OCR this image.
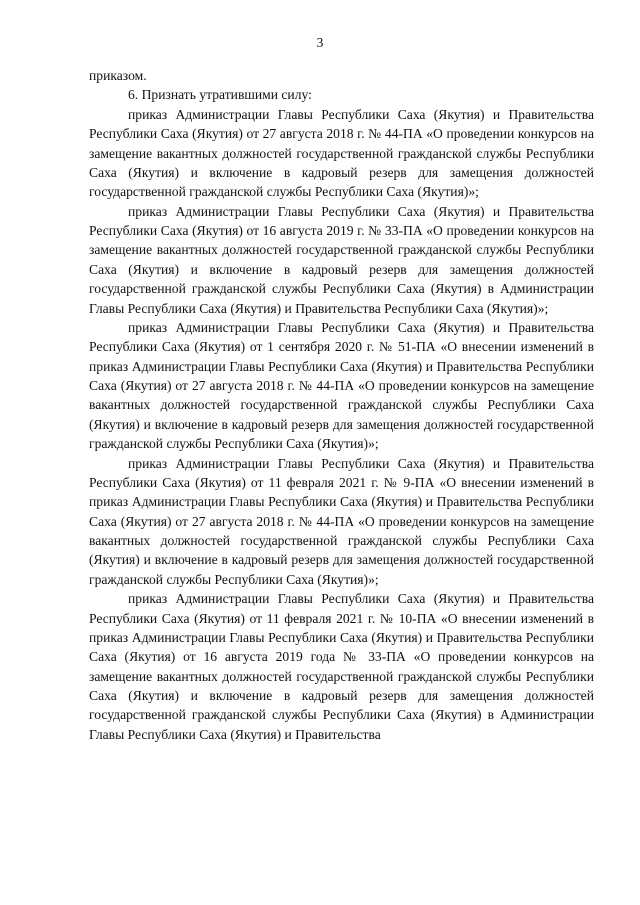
3

приказом.

6. Признать утратившими силу:

приказ Администрации Главы Республики Саха (Якутия) и Правительства Республики Саха (Якутия) от 27 августа 2018 г. № 44-ПА «О проведении конкурсов на замещение вакантных должностей государственной гражданской службы Республики Саха (Якутия) и включение в кадровый резерв для замещения должностей государственной гражданской службы Республики Саха (Якутия)»;

приказ Администрации Главы Республики Саха (Якутия) и Правительства Республики Саха (Якутия) от 16 августа 2019 г. № 33-ПА «О проведении конкурсов на замещение вакантных должностей государственной гражданской службы Республики Саха (Якутия) и включение в кадровый резерв для замещения должностей государственной гражданской службы Республики Саха (Якутия) в Администрации Главы Республики Саха (Якутия) и Правительства Республики Саха (Якутия)»;

приказ Администрации Главы Республики Саха (Якутия) и Правительства Республики Саха (Якутия) от 1 сентября 2020 г. № 51-ПА «О внесении изменений в приказ Администрации Главы Республики Саха (Якутия) и Правительства Республики Саха (Якутия) от 27 августа 2018 г. № 44-ПА «О проведении конкурсов на замещение вакантных должностей государственной гражданской службы Республики Саха (Якутия) и включение в кадровый резерв для замещения должностей государственной гражданской службы Республики Саха (Якутия)»;

приказ Администрации Главы Республики Саха (Якутия) и Правительства Республики Саха (Якутия) от 11 февраля 2021 г. № 9-ПА «О внесении изменений в приказ Администрации Главы Республики Саха (Якутия) и Правительства Республики Саха (Якутия) от 27 августа 2018 г. № 44-ПА «О проведении конкурсов на замещение вакантных должностей государственной гражданской службы Республики Саха (Якутия) и включение в кадровый резерв для замещения должностей государственной гражданской службы Республики Саха (Якутия)»;

приказ Администрации Главы Республики Саха (Якутия) и Правительства Республики Саха (Якутия) от 11 февраля 2021 г. № 10-ПА «О внесении изменений в приказ Администрации Главы Республики Саха (Якутия) и Правительства Республики Саха (Якутия) от 16 августа 2019 года № 33-ПА «О проведении конкурсов на замещение вакантных должностей государственной гражданской службы Республики Саха (Якутия) и включение в кадровый резерв для замещения должностей государственной гражданской службы Республики Саха (Якутия) в Администрации Главы Республики Саха (Якутия) и Правительства
